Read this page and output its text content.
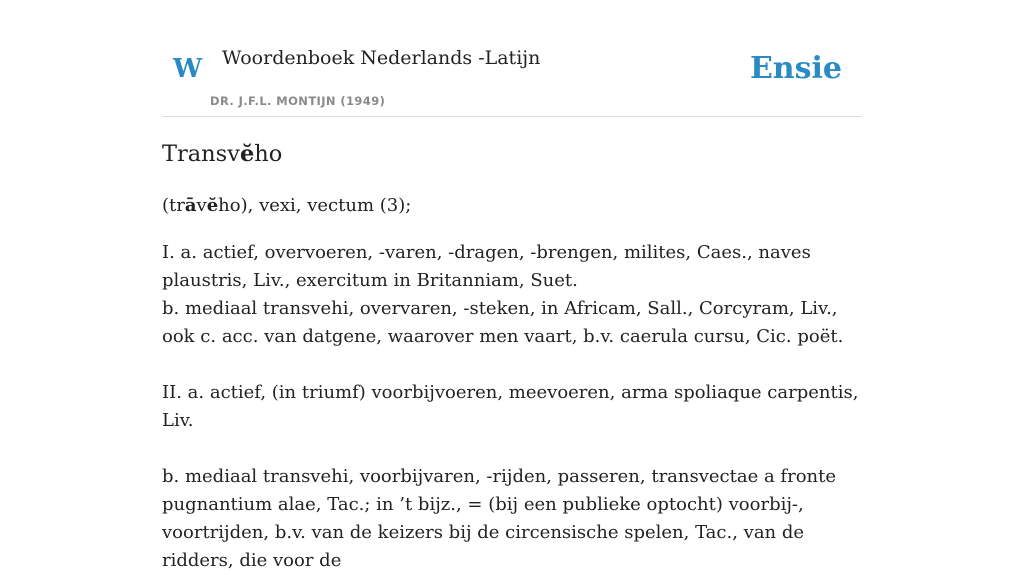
W Woordenboek Nederlands -Latijn
DR. J.F.L. MONTIJN (1949)
Ensie
Transvĕho
(trāvĕho), vexi, vectum (3);

I. a. actief, overvoeren, -varen, -dragen, -brengen, milites, Caes., naves plaustris, Liv., exercitum in Britanniam, Suet.

b. mediaal transvehi, overvaren, -steken, in Africam, Sall., Corcyram, Liv., ook c. acc. van datgene, waarover men vaart, b.v. caerula cursu, Cic. poët.

II. a. actief, (in triumf) voorbijvoeren, meevoeren, arma spoliaque carpentis, Liv.

b. mediaal transvehi, voorbijvaren, -rijden, passeren, transvectae a fronte pugnantium alae, Tac.; in ’t bijz., = (bij een publieke optocht) voorbij-, voortrijden, b.v. van de keizers bij de circensische spelen, Tac., van de ridders, die voor de
